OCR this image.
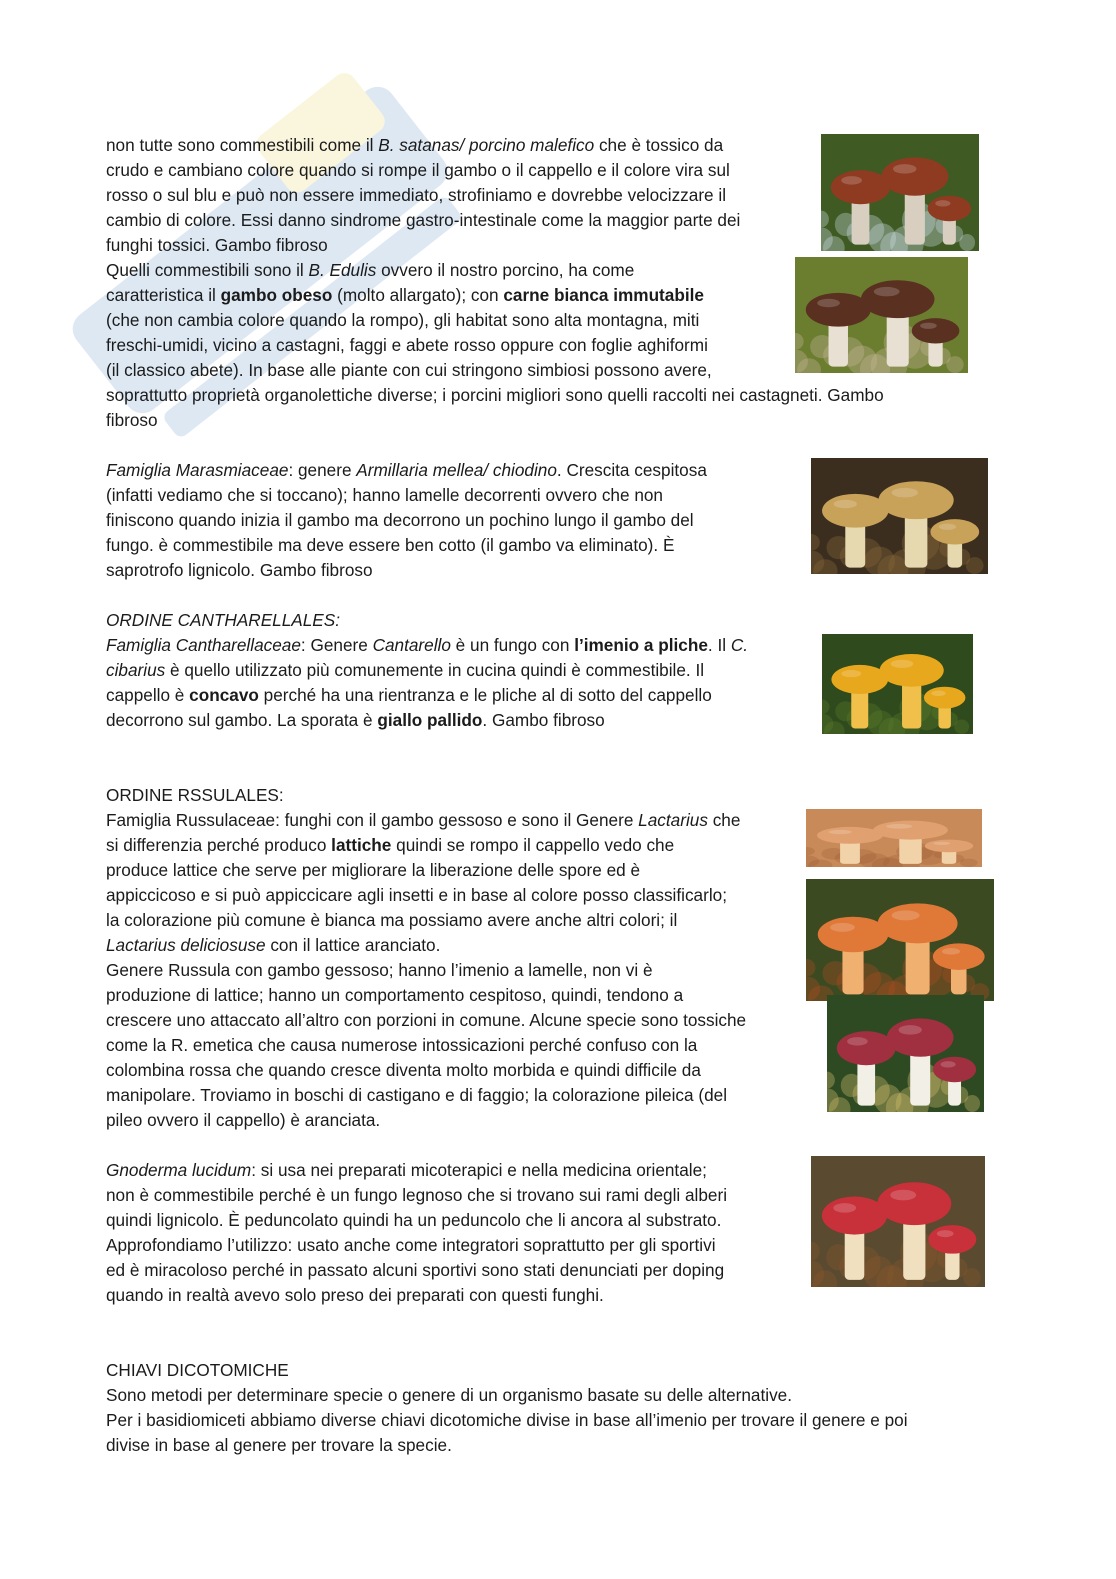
non tutte sono commestibili come il B. satanas/ porcino malefico che è tossico da
crudo e cambiano colore quando si rompe il gambo o il cappello e il colore vira sul
rosso o sul blu e può non essere immediato, strofiniamo e dovrebbe velocizzare il
cambio di colore. Essi danno sindrome gastro-intestinale come la maggior parte dei
funghi tossici. Gambo fibroso
Quelli commestibili sono il B. Edulis ovvero il nostro porcino, ha come
caratteristica il gambo obeso (molto allargato); con carne bianca immutabile
(che non cambia colore quando la rompo), gli habitat sono alta montagna, miti
freschi-umidi, vicino a castagni, faggi e abete rosso oppure con foglie aghiformi
(il classico abete). In base alle piante con cui stringono simbiosi possono avere,
soprattutto proprietà organolettiche diverse; i porcini migliori sono quelli raccolti nei castagneti. Gambo
fibroso
Famiglia Marasmiaceae: genere Armillaria mellea/ chiodino. Crescita cespitosa
(infatti vediamo che si toccano); hanno lamelle decorrenti ovvero che non
finiscono quando inizia il gambo ma decorrono un pochino lungo il gambo del
fungo. è commestibile ma deve essere ben cotto (il gambo va eliminato). È
saprotrofo lignicolo. Gambo fibroso
ORDINE CANTHARELLALES:
Famiglia Cantharellaceae: Genere Cantarello è un fungo con l’imenio a pliche. Il C.
cibarius è quello utilizzato più comunemente in cucina quindi è commestibile. Il
cappello è concavo perché ha una rientranza e le pliche al di sotto del cappello
decorrono sul gambo. La sporata è giallo pallido. Gambo fibroso
ORDINE RSSULALES:
Famiglia Russulaceae: funghi con il gambo gessoso e sono il Genere Lactarius che
si differenzia perché produco lattiche quindi se rompo il cappello vedo che
produce lattice che serve per migliorare la liberazione delle spore ed è
appiccicoso e si può appiccicare agli insetti e in base al colore posso classificarlo;
la colorazione più comune è bianca ma possiamo avere anche altri colori; il
Lactarius deliciosuse con il lattice aranciato.
Genere Russula con gambo gessoso; hanno l’imenio a lamelle, non vi è
produzione di lattice; hanno un comportamento cespitoso, quindi, tendono a
crescere uno attaccato all’altro con porzioni in comune. Alcune specie sono tossiche
come la R. emetica che causa numerose intossicazioni perché confuso con la
colombina rossa che quando cresce diventa molto morbida e quindi difficile da
manipolare. Troviamo in boschi di castigano e di faggio; la colorazione pileica (del
pileo ovvero il cappello) è aranciata.
Gnoderma lucidum: si usa nei preparati micoterapici e nella medicina orientale;
non è commestibile perché è un fungo legnoso che si trovano sui rami degli alberi
quindi lignicolo. È peduncolato quindi ha un peduncolo che li ancora al substrato.
Approfondiamo l’utilizzo: usato anche come integratori soprattutto per gli sportivi
ed è miracoloso perché in passato alcuni sportivi sono stati denunciati per doping
quando in realtà avevo solo preso dei preparati con questi funghi.
CHIAVI DICOTOMICHE
Sono metodi per determinare specie o genere di un organismo basate su delle alternative.
Per i basidiomiceti abbiamo diverse chiavi dicotomiche divise in base all’imenio per trovare il genere e poi
divise in base al genere per trovare la specie.
